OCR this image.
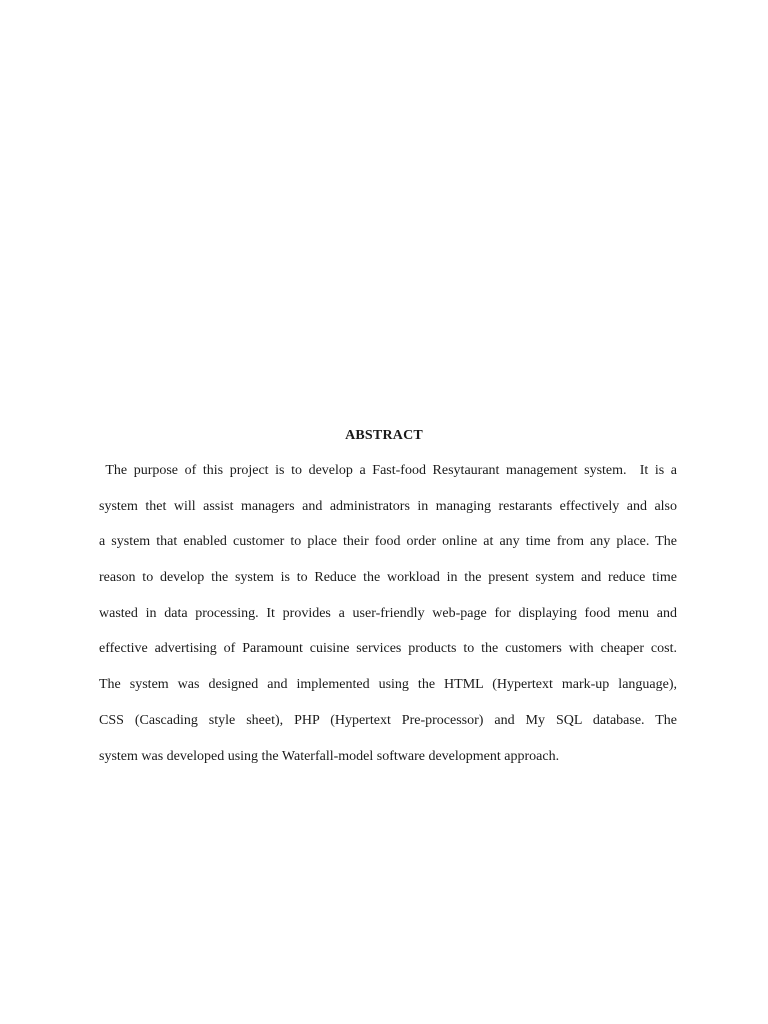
ABSTRACT
The purpose of this project is to develop a Fast-food Resytaurant management system.  It is a
system thet will assist managers and administrators in managing restarants effectively and also
a system that enabled customer to place their food order online at any time from any place. The
reason to develop the system is to Reduce the workload in the present system and reduce time
wasted in data processing. It provides a user-friendly web-page for displaying food menu and
effective advertising of Paramount cuisine services products to the customers with cheaper cost.
The system was designed and implemented using the HTML (Hypertext mark-up language),
CSS (Cascading style sheet), PHP (Hypertext Pre-processor) and My SQL database. The
system was developed using the Waterfall-model software development approach.
